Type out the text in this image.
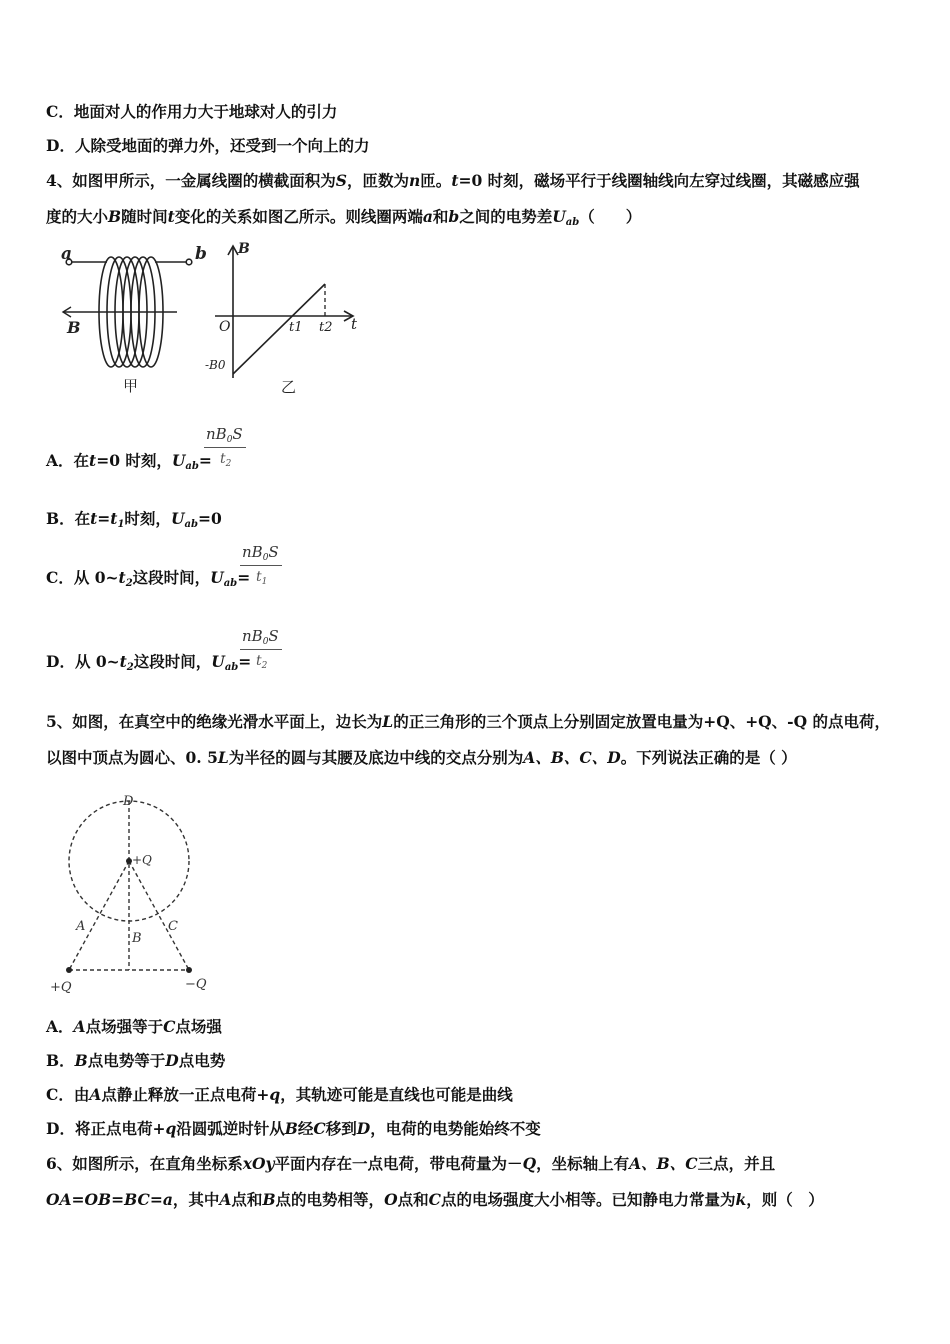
C．地面对人的作用力大于地球对人的引力
D．人除受地面的弹力外，还受到一个向上的力
4、如图甲所示，一金属线圈的横截面积为S，匝数为n匝。t=0 时刻，磁场平行于线圈轴线向左穿过线圈，其磁感应强
度的大小B随时间t变化的关系如图乙所示。则线圈两端a和b之间的电势差$U_{ab}$（　　）
a	b
B
甲
B
t
O
-B0
t1 t2
乙
A．在t=0 时刻，$U_{ab}=$
$nB_0S$
$t_2$
B．在$t=t_1$时刻，$U_{ab}=0$
C．从 $0\sim t_2$这段时间，$U_{ab}=$
$nB_0S$
$t_1$
D．从 $0\sim t_2$这段时间，$U_{ab}=$
$nB_0S$
$t_2$
5、如图，在真空中的绝缘光滑水平面上，边长为L的正三角形的三个顶点上分别固定放置电量为+Q、+Q、-Q 的点电荷，
以图中顶点为圆心、0. 5L为半径的圆与其腰及底边中线的交点分别为A、B、C、D。下列说法正确的是（ ）
D
+Q
A
B
C
+Q	−Q
A．A点场强等于C点场强
B．B点电势等于D点电势
C．由A点静止释放一正点电荷+q，其轨迹可能是直线也可能是曲线
D．将正点电荷+q沿圆弧逆时针从B经C移到D，电荷的电势能始终不变
6、如图所示，在直角坐标系xOy平面内存在一点电荷，带电荷量为－Q，坐标轴上有A、B、C三点，并且
OA=OB=BC=a，其中A点和B点的电势相等，O点和C点的电场强度大小相等。已知静电力常量为k，则（　）
